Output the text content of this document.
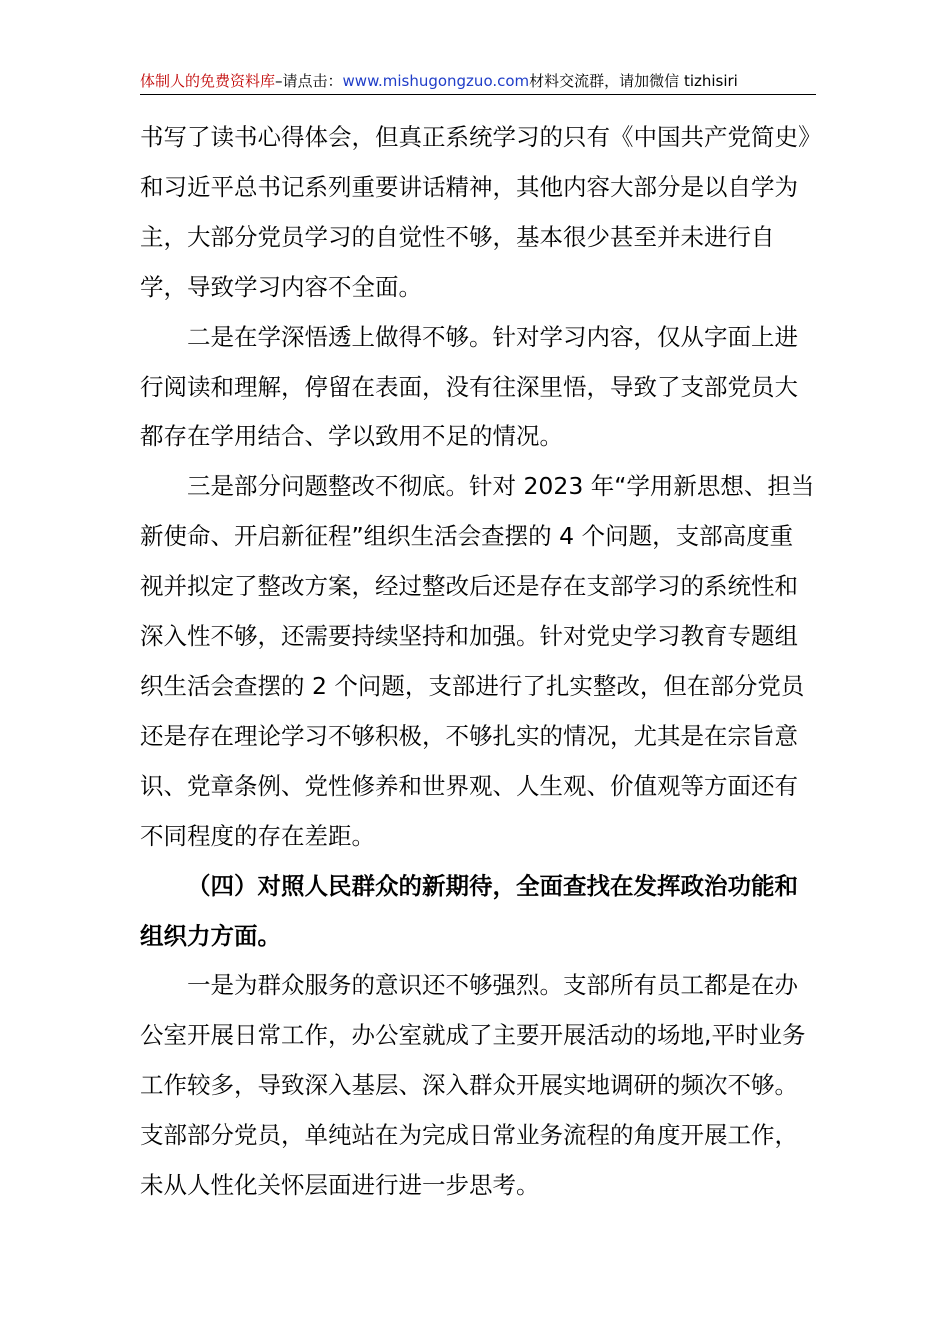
体制人的免费资料库–请点击：www.mishugongzuo.com材料交流群，请加微信 tizhisiri

书写了读书心得体会，但真正系统学习的只有《中国共产党简史》和习近平总书记系列重要讲话精神，其他内容大部分是以自学为主，大部分党员学习的自觉性不够，基本很少甚至并未进行自学，导致学习内容不全面。

二是在学深悟透上做得不够。针对学习内容，仅从字面上进行阅读和理解，停留在表面，没有往深里悟，导致了支部党员大都存在学用结合、学以致用不足的情况。

三是部分问题整改不彻底。针对 2023 年“学用新思想、担当新使命、开启新征程”组织生活会查摆的 4 个问题，支部高度重视并拟定了整改方案，经过整改后还是存在支部学习的系统性和深入性不够，还需要持续坚持和加强。针对党史学习教育专题组织生活会查摆的 2 个问题，支部进行了扎实整改，但在部分党员还是存在理论学习不够积极，不够扎实的情况，尤其是在宗旨意识、党章条例、党性修养和世界观、人生观、价值观等方面还有不同程度的存在差距。

（四）对照人民群众的新期待，全面查找在发挥政治功能和组织力方面。

一是为群众服务的意识还不够强烈。支部所有员工都是在办公室开展日常工作，办公室就成了主要开展活动的场地,平时业务工作较多，导致深入基层、深入群众开展实地调研的频次不够。支部部分党员，单纯站在为完成日常业务流程的角度开展工作，未从人性化关怀层面进行进一步思考。
